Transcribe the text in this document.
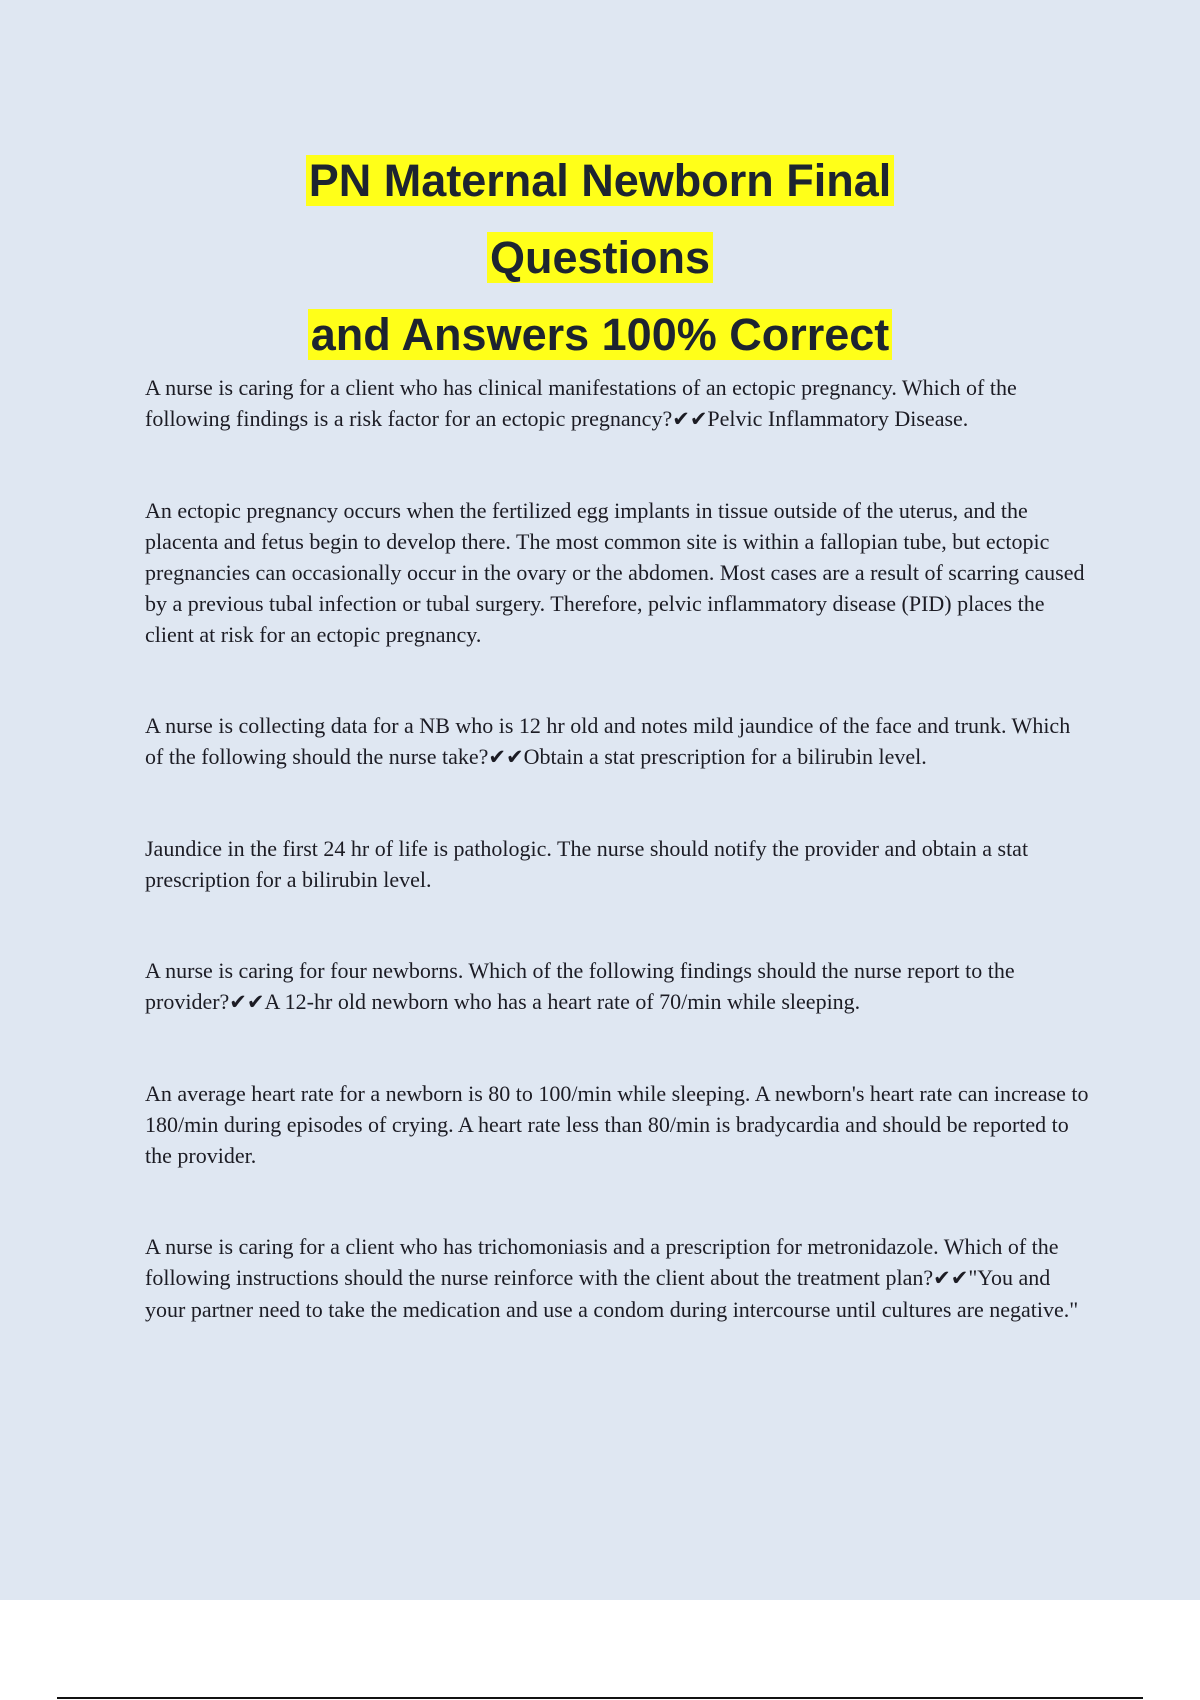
PN Maternal Newborn Final
Questions
and Answers 100% Correct

A nurse is caring for a client who has clinical manifestations of an ectopic pregnancy. Which of the following findings is a risk factor for an ectopic pregnancy?✔✔Pelvic Inflammatory Disease.

An ectopic pregnancy occurs when the fertilized egg implants in tissue outside of the uterus, and the placenta and fetus begin to develop there. The most common site is within a fallopian tube, but ectopic pregnancies can occasionally occur in the ovary or the abdomen. Most cases are a result of scarring caused by a previous tubal infection or tubal surgery. Therefore, pelvic inflammatory disease (PID) places the client at risk for an ectopic pregnancy.

A nurse is collecting data for a NB who is 12 hr old and notes mild jaundice of the face and trunk. Which of the following should the nurse take?✔✔Obtain a stat prescription for a bilirubin level.

Jaundice in the first 24 hr of life is pathologic. The nurse should notify the provider and obtain a stat prescription for a bilirubin level.

A nurse is caring for four newborns. Which of the following findings should the nurse report to the provider?✔✔A 12-hr old newborn who has a heart rate of 70/min while sleeping.

An average heart rate for a newborn is 80 to 100/min while sleeping. A newborn's heart rate can increase to 180/min during episodes of crying. A heart rate less than 80/min is bradycardia and should be reported to the provider.

A nurse is caring for a client who has trichomoniasis and a prescription for metronidazole. Which of the following instructions should the nurse reinforce with the client about the treatment plan?✔✔"You and your partner need to take the medication and use a condom during intercourse until cultures are negative."
